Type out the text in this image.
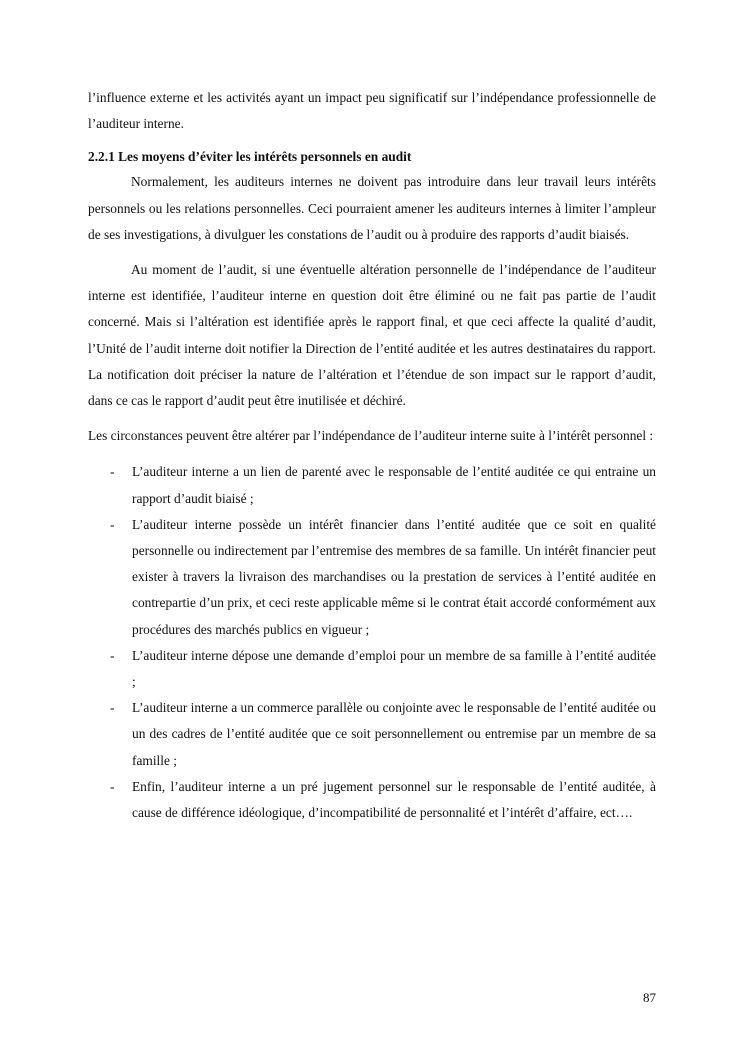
l’influence externe et les activités ayant un impact peu significatif sur l’indépendance professionnelle de l’auditeur interne.

2.2.1 Les moyens d’éviter les intérêts personnels en audit

Normalement, les auditeurs internes ne doivent pas introduire dans leur travail leurs intérêts personnels ou les relations personnelles. Ceci pourraient amener les auditeurs internes à limiter l’ampleur de ses investigations, à divulguer les constations de l’audit ou à produire des rapports d’audit biaisés.

Au moment de l’audit, si une éventuelle altération personnelle de l’indépendance de l’auditeur interne est identifiée, l’auditeur interne en question doit être éliminé ou ne fait pas partie de l’audit concerné. Mais si l’altération est identifiée après le rapport final, et que ceci affecte la qualité d’audit, l’Unité de l’audit interne doit notifier la Direction de l’entité auditée et les autres destinataires du rapport. La notification doit préciser la nature de l’altération et l’étendue de son impact sur le rapport d’audit, dans ce cas le rapport d’audit peut être inutilisée et déchiré.

Les circonstances peuvent être altérer par l’indépendance de l’auditeur interne suite à l’intérêt personnel :

- L’auditeur interne a un lien de parenté avec le responsable de l’entité auditée ce qui entraine un rapport d’audit biaisé ;
- L’auditeur interne possède un intérêt financier dans l’entité auditée que ce soit en qualité personnelle ou indirectement par l’entremise des membres de sa famille. Un intérêt financier peut exister à travers la livraison des marchandises ou la prestation de services à l’entité auditée en contrepartie d’un prix, et ceci reste applicable même si le contrat était accordé conformément aux procédures des marchés publics en vigueur ;
- L’auditeur interne dépose une demande d’emploi pour un membre de sa famille à l’entité auditée ;
- L’auditeur interne a un commerce parallèle ou conjointe avec le responsable de l’entité auditée ou un des cadres de l’entité auditée que ce soit personnellement ou entremise par un membre de sa famille ;
- Enfin, l’auditeur interne a un pré jugement personnel sur le responsable de l’entité auditée, à cause de différence idéologique, d’incompatibilité de personnalité et l’intérêt d’affaire, ect….
87
